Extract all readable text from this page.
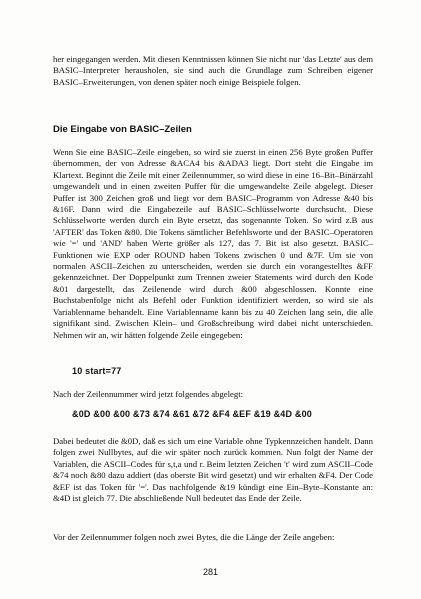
her eingegangen werden. Mit diesen Kenntnissen können Sie nicht nur 'das Letzte' aus dem BASIC–Interpreter herausholen, sie sind auch die Grundlage zum Schreiben eigener BASIC–Erweiterungen, von denen später noch einige Beispiele folgen.

Die Eingabe von BASIC–Zeilen

Wenn Sie eine BASIC–Zeile eingeben, so wird sie zuerst in einen 256 Byte großen Puffer übernommen, der von Adresse &ACA4 bis &ADA3 liegt. Dort steht die Eingabe im Klartext. Beginnt die Zeile mit einer Zeilennummer, so wird diese in eine 16–Bit–Binärzahl umgewandelt und in einen zweiten Puffer für die umgewandelte Zeile abgelegt. Dieser Puffer ist 300 Zeichen groß und liegt vor dem BASIC–Programm von Adresse &40 bis &16F. Dann wird die Eingabezeile auf BASIC–Schlüsselworte durchsucht. Diese Schlüsselworte werden durch ein Byte ersetzt, das sogenannte Token. So wird z.B aus 'AFTER' das Token &80. Die Tokens sämtlicher Befehlsworte und der BASIC–Operatoren wie '=' und 'AND' haben Werte größer als 127, das 7. Bit ist also gesetzt. BASIC–Funktionen wie EXP oder ROUND haben Tokens zwischen 0 und &7F. Um sie von normalen ASCII–Zeichen zu unterscheiden, werden sie durch ein vorangestelltes &FF gekennzeichnet. Der Doppelpunkt zum Trennen zweier Statements wird durch den Kode &01 dargestellt, das Zeilenende wird durch &00 abgeschlossen. Konnte eine Buchstabenfolge nicht als Befehl oder Funktion identifiziert werden, so wird sie als Variablenname behandelt. Eine Variablenname kann bis zu 40 Zeichen lang sein, die alle signifikant sind. Zwischen Klein– und Großschreibung wird dabei nicht unterschieden. Nehmen wir an, wir hätten folgende Zeile eingegeben:

10 start=77

Nach der Zeilennummer wird jetzt folgendes abgelegt:

&0D &00 &00 &73 &74 &61 &72 &F4 &EF &19 &4D &00

Dabei bedeutet die &0D, daß es sich um eine Variable ohne Typkennzeichen handelt. Dann folgen zwei Nullbytes, auf die wir später noch zurück kommen. Nun folgt der Name der Variablen, die ASCII–Codes für s,t,a und r. Beim letzten Zeichen 't' wird zum ASCII–Code &74 noch &80 dazu addiert (das oberste Bit wird gesetzt) und wir erhalten &F4. Der Code &EF ist das Token für '='. Das nachfolgende &19 kündigt eine Ein–Byte–Konstante an: &4D ist gleich 77. Die abschließende Null bedeutet das Ende der Zeile.

Vor der Zeilennummer folgen noch zwei Bytes, die die Länge der Zeile angeben:

281
